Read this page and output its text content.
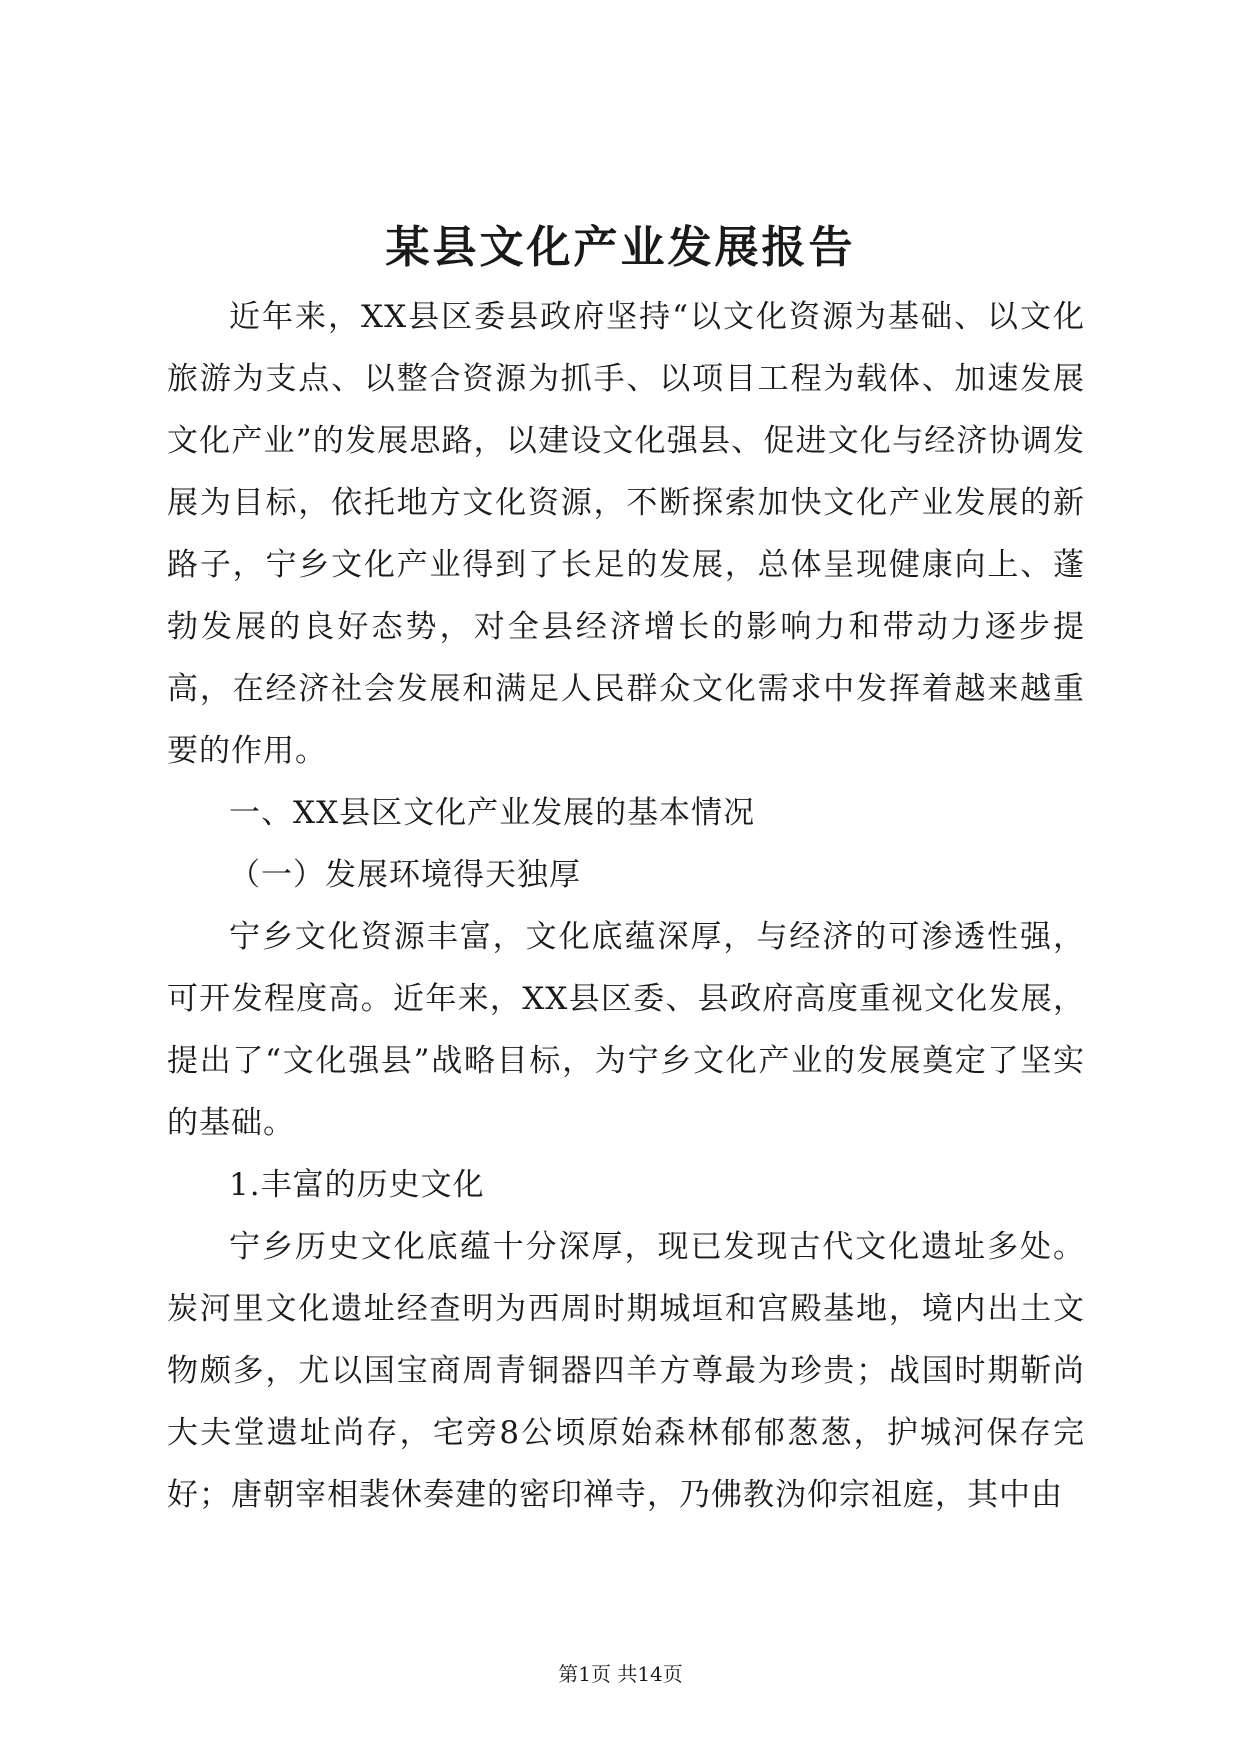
某县文化产业发展报告

近年来，XX县区委县政府坚持“以文化资源为基础、以文化旅游为支点、以整合资源为抓手、以项目工程为载体、加速发展文化产业”的发展思路，以建设文化强县、促进文化与经济协调发展为目标，依托地方文化资源，不断探索加快文化产业发展的新路子，宁乡文化产业得到了长足的发展，总体呈现健康向上、蓬勃发展的良好态势，对全县经济增长的影响力和带动力逐步提高，在经济社会发展和满足人民群众文化需求中发挥着越来越重要的作用。

一、XX县区文化产业发展的基本情况

（一）发展环境得天独厚

宁乡文化资源丰富，文化底蕴深厚，与经济的可渗透性强，可开发程度高。近年来，XX县区委、县政府高度重视文化发展，提出了“文化强县”战略目标，为宁乡文化产业的发展奠定了坚实的基础。

1.丰富的历史文化

宁乡历史文化底蕴十分深厚，现已发现古代文化遗址多处。炭河里文化遗址经查明为西周时期城垣和宫殿基地，境内出土文物颇多，尤以国宝商周青铜器四羊方尊最为珍贵；战国时期靳尚大夫堂遗址尚存，宅旁8公顷原始森林郁郁葱葱，护城河保存完好；唐朝宰相裴休奏建的密印禅寺，乃佛教沩仰宗祖庭，其中由

第1页 共14页
